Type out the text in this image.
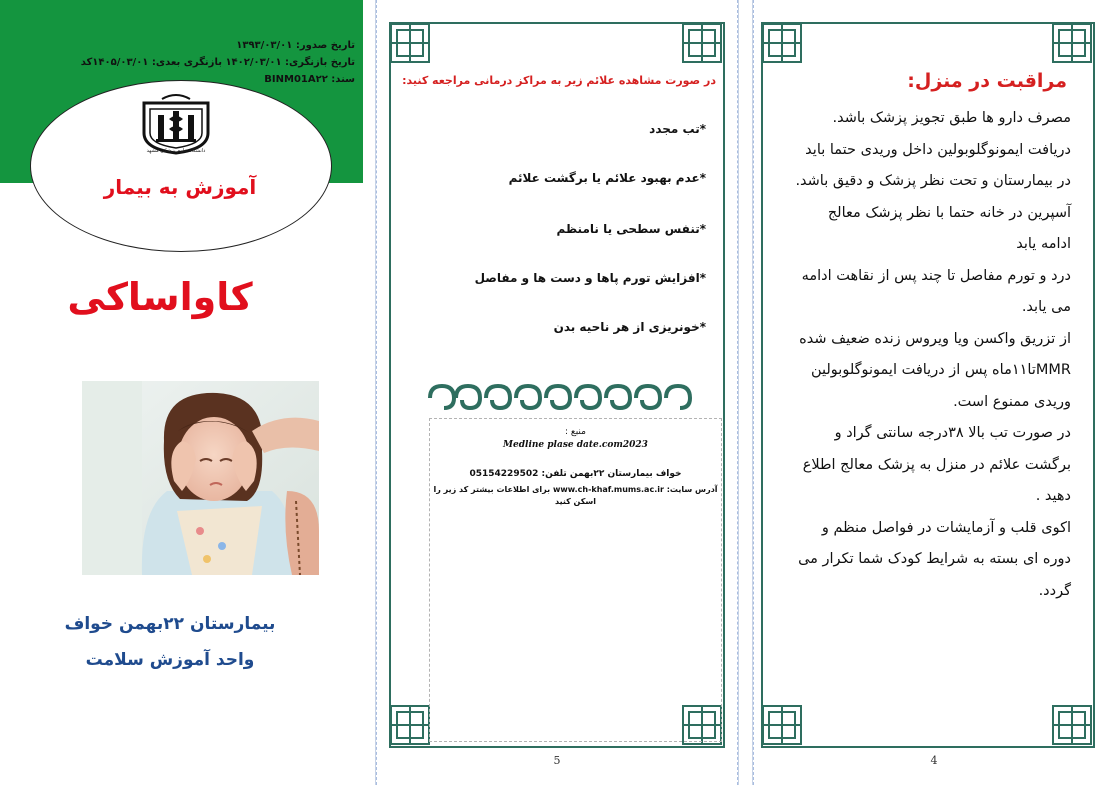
تاریخ صدور: ۱۳۹۳/۰۳/۰۱
تاریخ بازنگری: ۱۴۰۲/۰۳/۰۱ بازنگری بعدی: ۱۴۰۵/۰۳/۰۱کد
سند: BINM01A۲۲
دانشگاه علوم پزشکی مشهد
آموزش به بیمار
کاواساکی
بیمارستان ۲۲بهمن خواف
واحد آموزش سلامت
در صورت مشاهده علائم زیر به مراکز درمانی مراجعه کنید:
*تب مجدد
*عدم بهبود علائم یا برگشت علائم
*تنفس سطحی یا نامنظم
*افزایش تورم پاها و دست ها و مفاصل
*خونریزی از هر ناحیه بدن
منبع :
Medline plase date.com2023
خواف بیمارستان ۲۲بهمن تلفن: 05154229502
آدرس سایت: www.ch-khaf.mums.ac.ir برای اطلاعات بیشتر کد زیر را
اسکن کنید
5
مراقبت در منزل:

مصرف دارو ها طبق تجویز پزشک باشد.

دریافت ایمونوگلوبولین داخل وریدی حتما باید در بیمارستان و تحت نظر پزشک و دقیق باشد.

آسپرین در خانه حتما با نظر پزشک معالج ادامه یابد

درد و تورم مفاصل تا چند پس از نقاهت ادامه می یابد.

از تزریق واکسن ویا ویروس زنده ضعیف شده

MMRتا۱۱ماه پس از دریافت ایمونوگلوبولین وریدی ممنوع است.

در صورت تب بالا ۳۸درجه سانتی گراد و برگشت علائم در منزل به پزشک معالج اطلاع دهید .

اکوی قلب و آزمایشات در فواصل منظم و دوره ای بسته به شرایط کودک شما تکرار می گردد.

4
